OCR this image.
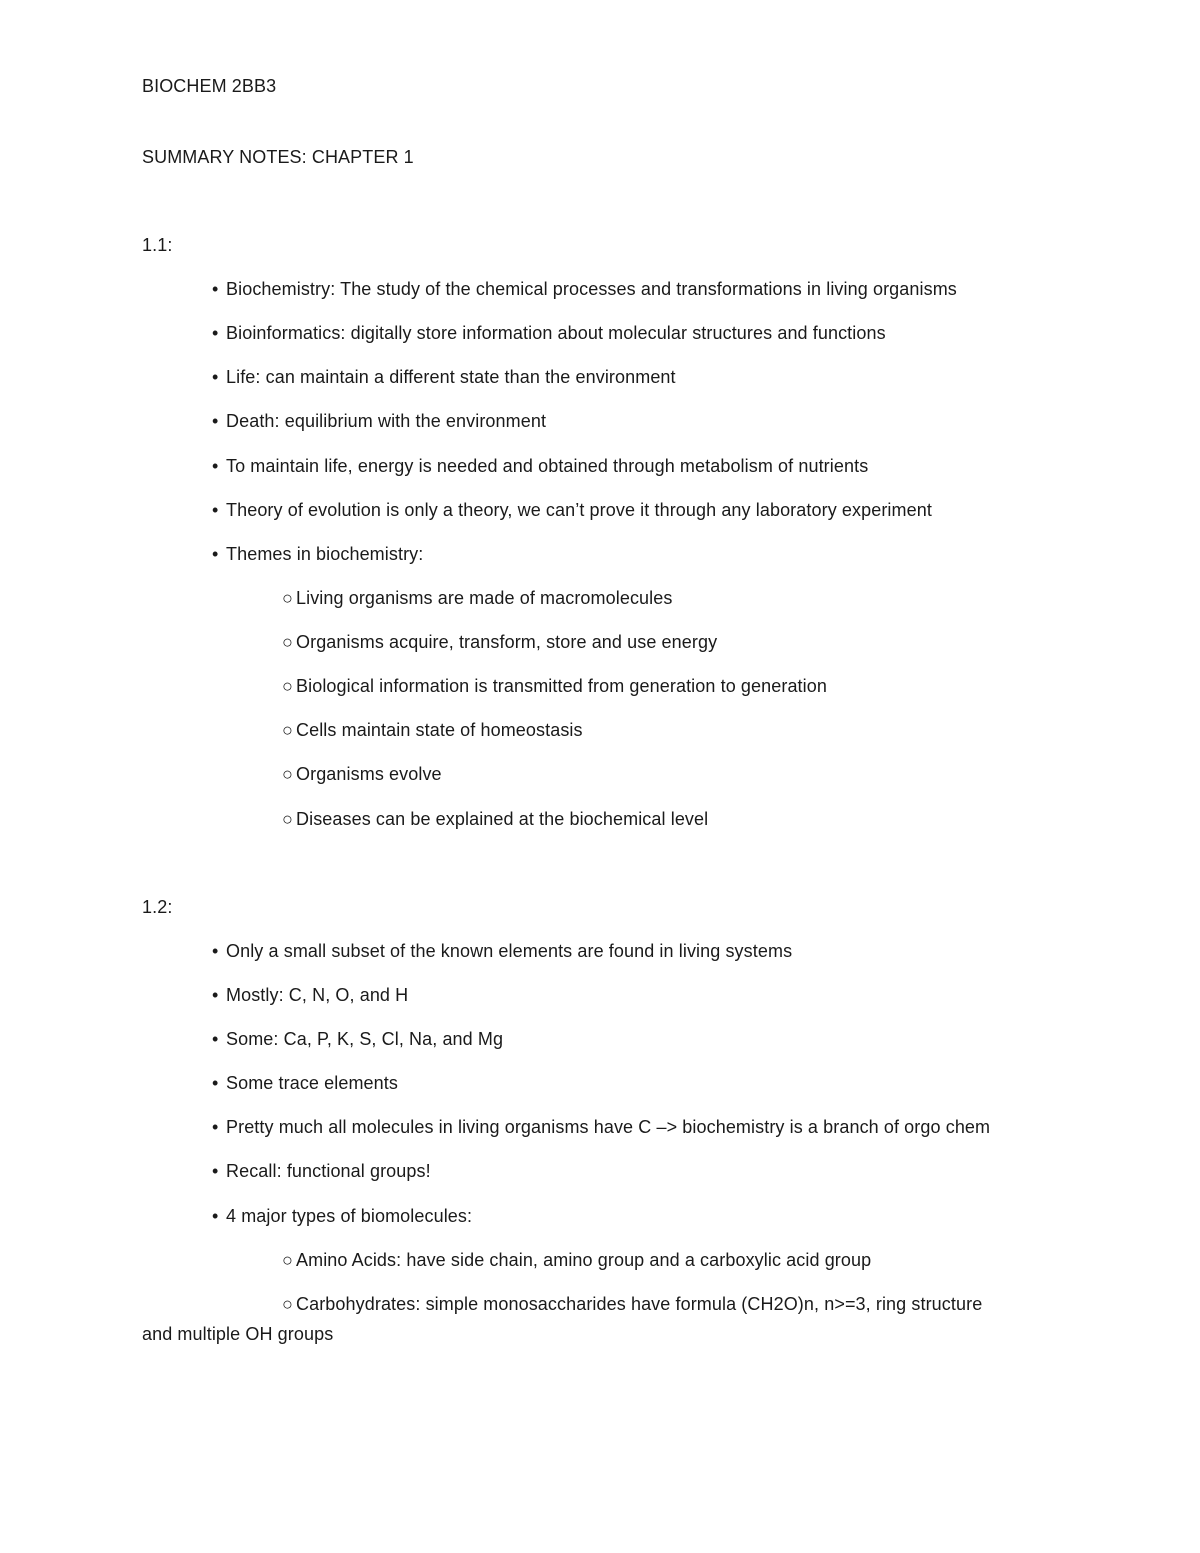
BIOCHEM 2BB3
SUMMARY NOTES: CHAPTER 1
1.1:
• Biochemistry: The study of the chemical processes and transformations in living organisms
• Bioinformatics: digitally store information about molecular structures and functions
• Life: can maintain a different state than the environment
• Death: equilibrium with the environment
• To maintain life, energy is needed and obtained through metabolism of nutrients
• Theory of evolution is only a theory, we can’t prove it through any laboratory experiment
• Themes in biochemistry:
○ Living organisms are made of macromolecules
○ Organisms acquire, transform, store and use energy
○ Biological information is transmitted from generation to generation
○ Cells maintain state of homeostasis
○ Organisms evolve
○ Diseases can be explained at the biochemical level
1.2:
• Only a small subset of the known elements are found in living systems
• Mostly: C, N, O, and H
• Some: Ca, P, K, S, Cl, Na, and Mg
• Some trace elements
• Pretty much all molecules in living organisms have C –> biochemistry is a branch of orgo chem
• Recall: functional groups!
• 4 major types of biomolecules:
○ Amino Acids: have side chain, amino group and a carboxylic acid group
○ Carbohydrates: simple monosaccharides have formula (CH2O)n, n>=3, ring structure
and multiple OH groups
